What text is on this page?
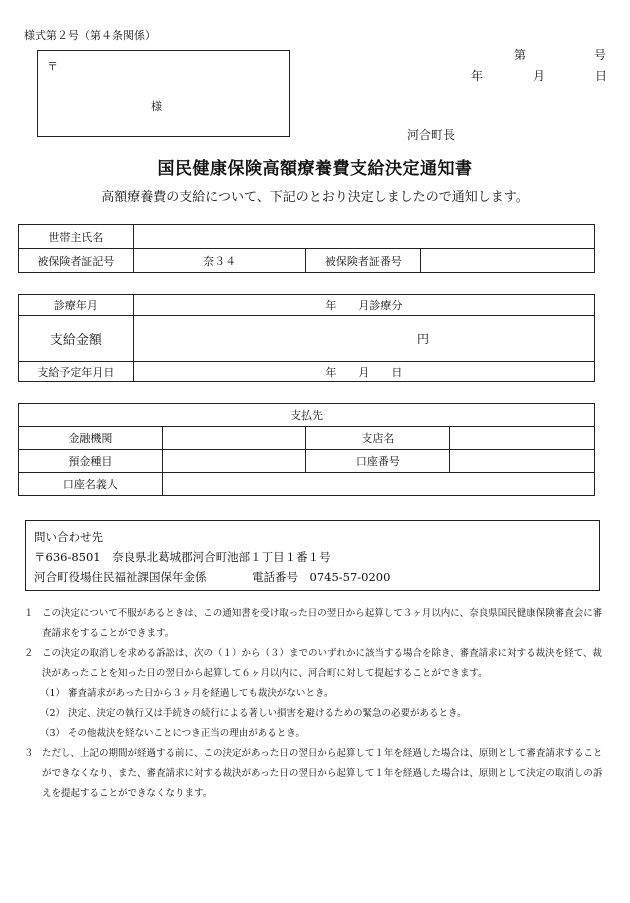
様式第２号（第４条関係）
〒
様
第	号
年	月	日
河合町長
国民健康保険高額療養費支給決定通知書
高額療養費の支給について、下記のとおり決定しましたので通知します。
世帯主氏名			
被保険者証記号	奈３４	被保険者証番号	
診療年月	年　　月診療分
支給金額	円
支給予定年月日	年　　月　　日
支払先			
金融機関		支店名	
預金種目		口座番号	
口座名義人			
問い合わせ先
〒636-8501　奈良県北葛城郡河合町池部１丁目１番１号
河合町役場住民福祉課国保年金係	電話番号　0745-57-0200
１ この決定について不服があるときは、この通知書を受け取った日の翌日から起算して３ヶ月以内に、奈良県国民健康保険審査会に審査請求をすることができます。
２ この決定の取消しを求める訴訟は、次の（１）から（３）までのいずれかに該当する場合を除き、審査請求に対する裁決を経て、裁決があったことを知った日の翌日から起算して６ヶ月以内に、河合町に対して提起することができます。
（1） 審査請求があった日から３ヶ月を経過しても裁決がないとき。
（2） 決定、決定の執行又は手続きの続行による著しい損害を避けるための緊急の必要があるとき。
（3） その他裁決を経ないことにつき正当の理由があるとき。
３ ただし、上記の期間が経過する前に、この決定があった日の翌日から起算して１年を経過した場合は、原則として審査請求することができなくなり、また、審査請求に対する裁決があった日の翌日から起算して１年を経過した場合は、原則として決定の取消しの訴えを提起することができなくなります。
